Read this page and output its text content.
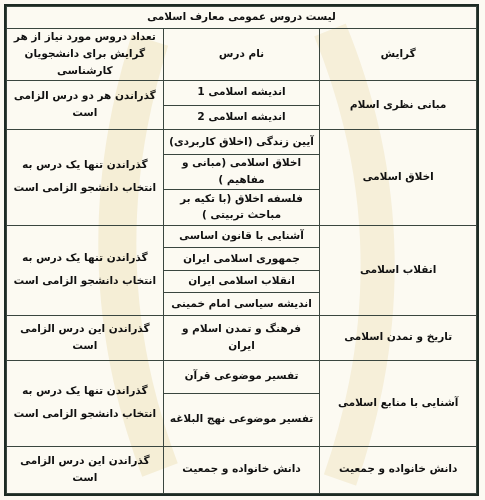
لیست دروس عمومی معارف اسلامی		
گرایش	نام درس	تعداد دروس مورد نیاز از هر گرایش برای دانشجویان کارشناسی
مبانی نظری اسلام	اندیشه اسلامی 1	گذراندن هر دو درس الزامی است
	اندیشه اسلامی 2	
اخلاق اسلامی	آیین زندگی (اخلاق کاربردی)	گذراندن تنها یک درس به انتخاب دانشجو الزامی است
	اخلاق اسلامی (مبانی و مفاهیم )	
	فلسفه اخلاق (با تکیه بر مباحث تربیتی )	
انقلاب اسلامی	آشنایی با قانون اساسی	گذراندن تنها یک درس به انتخاب دانشجو الزامی است
	جمهوری اسلامی ایران	
	انقلاب اسلامی ایران	
	اندیشه سیاسی امام خمینی	
تاریخ و تمدن اسلامی	فرهنگ و تمدن اسلام و ایران	گذراندن این درس الزامی است
آشنایی با منابع اسلامی	تفسیر موضوعی قرآن	گذراندن تنها یک درس به انتخاب دانشجو الزامی است
	تفسیر موضوعی نهج البلاغه	
دانش خانواده و جمعیت	دانش خانواده و جمعیت	گذراندن این درس الزامی است
